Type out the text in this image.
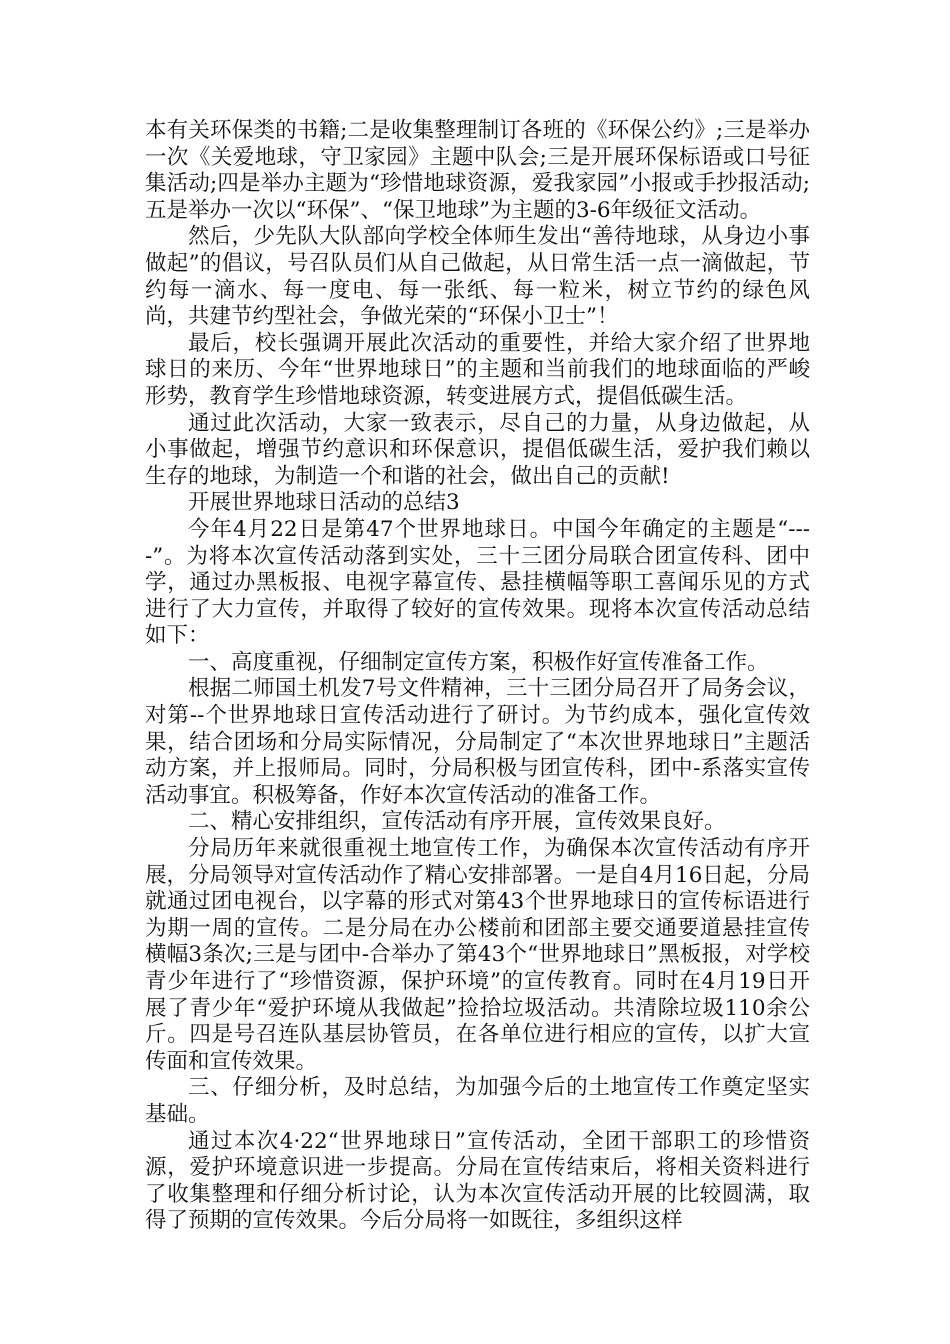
本有关环保类的书籍;二是收集整理制订各班的《环保公约》;三是举办一次《关爱地球，守卫家园》主题中队会;三是开展环保标语或口号征集活动;四是举办主题为“珍惜地球资源，爱我家园”小报或手抄报活动;五是举办一次以“环保”、“保卫地球”为主题的3-6年级征文活动。

然后，少先队大队部向学校全体师生发出“善待地球，从身边小事做起”的倡议，号召队员们从自己做起，从日常生活一点一滴做起，节约每一滴水、每一度电、每一张纸、每一粒米，树立节约的绿色风尚，共建节约型社会，争做光荣的“环保小卫士”！

最后，校长强调开展此次活动的重要性，并给大家介绍了世界地球日的来历、今年“世界地球日”的主题和当前我们的地球面临的严峻形势，教育学生珍惜地球资源，转变进展方式，提倡低碳生活。

通过此次活动，大家一致表示，尽自己的力量，从身边做起，从小事做起，增强节约意识和环保意识，提倡低碳生活，爱护我们赖以生存的地球，为制造一个和谐的社会，做出自己的贡献!

开展世界地球日活动的总结3

今年4月22日是第47个世界地球日。中国今年确定的主题是“----”。为将本次宣传活动落到实处，三十三团分局联合团宣传科、团中学，通过办黑板报、电视字幕宣传、悬挂横幅等职工喜闻乐见的方式进行了大力宣传，并取得了较好的宣传效果。现将本次宣传活动总结如下：

一、高度重视，仔细制定宣传方案，积极作好宣传准备工作。

根据二师国土机发7号文件精神，三十三团分局召开了局务会议，对第--个世界地球日宣传活动进行了研讨。为节约成本，强化宣传效果，结合团场和分局实际情况，分局制定了“本次世界地球日”主题活动方案，并上报师局。同时，分局积极与团宣传科，团中-系落实宣传活动事宜。积极筹备，作好本次宣传活动的准备工作。

二、精心安排组织，宣传活动有序开展，宣传效果良好。

分局历年来就很重视土地宣传工作，为确保本次宣传活动有序开展，分局领导对宣传活动作了精心安排部署。一是自4月16日起，分局就通过团电视台，以字幕的形式对第43个世界地球日的宣传标语进行为期一周的宣传。二是分局在办公楼前和团部主要交通要道悬挂宣传横幅3条次;三是与团中-合举办了第43个“世界地球日”黑板报，对学校青少年进行了“珍惜资源，保护环境”的宣传教育。同时在4月19日开展了青少年“爱护环境从我做起”捡拾垃圾活动。共清除垃圾110余公斤。四是号召连队基层协管员，在各单位进行相应的宣传，以扩大宣传面和宣传效果。

三、仔细分析，及时总结，为加强今后的土地宣传工作奠定坚实基础。

通过本次4·22“世界地球日”宣传活动，全团干部职工的珍惜资源，爱护环境意识进一步提高。分局在宣传结束后，将相关资料进行了收集整理和仔细分析讨论，认为本次宣传活动开展的比较圆满，取得了预期的宣传效果。今后分局将一如既往，多组织这样
